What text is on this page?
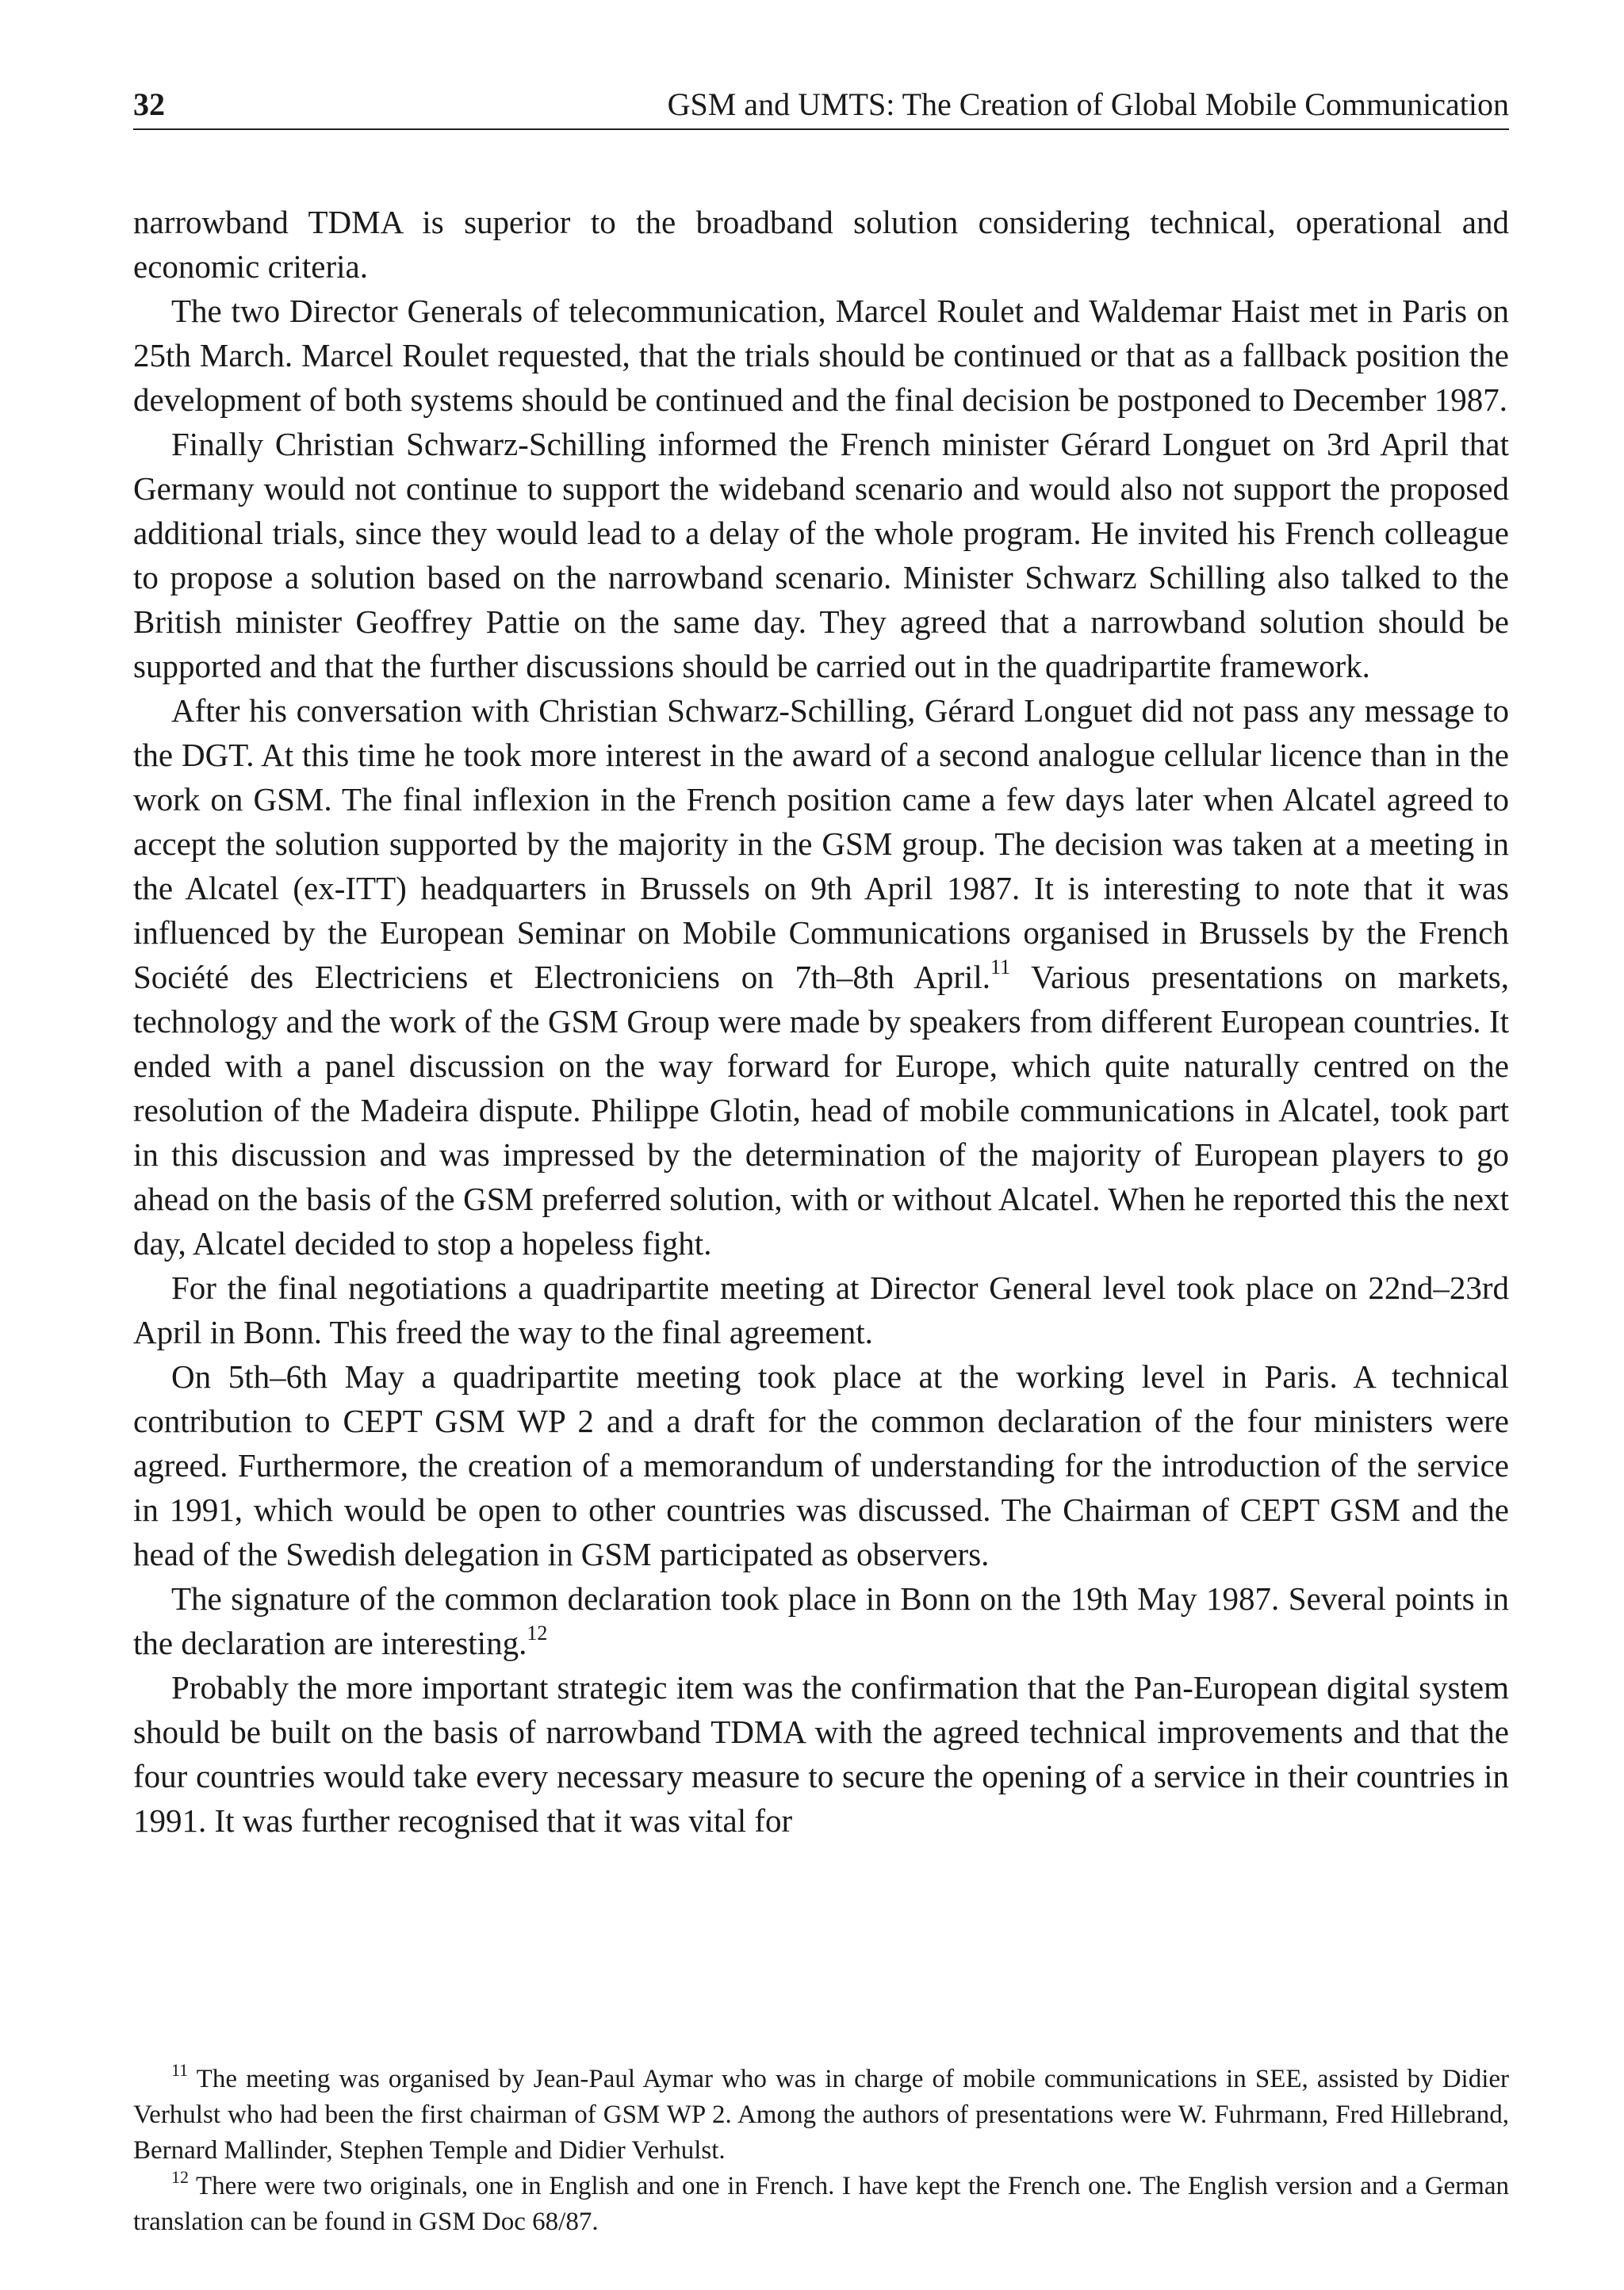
32	GSM and UMTS: The Creation of Global Mobile Communication

narrowband TDMA is superior to the broadband solution considering technical, operational and economic criteria.

The two Director Generals of telecommunication, Marcel Roulet and Waldemar Haist met in Paris on 25th March. Marcel Roulet requested, that the trials should be continued or that as a fallback position the development of both systems should be continued and the final decision be postponed to December 1987.

Finally Christian Schwarz-Schilling informed the French minister Gérard Longuet on 3rd April that Germany would not continue to support the wideband scenario and would also not support the proposed additional trials, since they would lead to a delay of the whole program. He invited his French colleague to propose a solution based on the narrowband scenario. Minister Schwarz Schilling also talked to the British minister Geoffrey Pattie on the same day. They agreed that a narrowband solution should be supported and that the further discussions should be carried out in the quadripartite framework.

After his conversation with Christian Schwarz-Schilling, Gérard Longuet did not pass any message to the DGT. At this time he took more interest in the award of a second analogue cellular licence than in the work on GSM. The final inflexion in the French position came a few days later when Alcatel agreed to accept the solution supported by the majority in the GSM group. The decision was taken at a meeting in the Alcatel (ex-ITT) headquarters in Brussels on 9th April 1987. It is interesting to note that it was influenced by the European Seminar on Mobile Communications organised in Brussels by the French Société des Electriciens et Electroniciens on 7th–8th April.$^{11}$ Various presentations on markets, technology and the work of the GSM Group were made by speakers from different European countries. It ended with a panel discussion on the way forward for Europe, which quite naturally centred on the resolution of the Madeira dispute. Philippe Glotin, head of mobile communications in Alcatel, took part in this discussion and was impressed by the determination of the majority of European players to go ahead on the basis of the GSM preferred solution, with or without Alcatel. When he reported this the next day, Alcatel decided to stop a hopeless fight.

For the final negotiations a quadripartite meeting at Director General level took place on 22nd–23rd April in Bonn. This freed the way to the final agreement.

On 5th–6th May a quadripartite meeting took place at the working level in Paris. A technical contribution to CEPT GSM WP 2 and a draft for the common declaration of the four ministers were agreed. Furthermore, the creation of a memorandum of understanding for the introduction of the service in 1991, which would be open to other countries was discussed. The Chairman of CEPT GSM and the head of the Swedish delegation in GSM participated as observers.

The signature of the common declaration took place in Bonn on the 19th May 1987. Several points in the declaration are interesting.$^{12}$

Probably the more important strategic item was the confirmation that the Pan-European digital system should be built on the basis of narrowband TDMA with the agreed technical improvements and that the four countries would take every necessary measure to secure the opening of a service in their countries in 1991. It was further recognised that it was vital for

$^{11}$ The meeting was organised by Jean-Paul Aymar who was in charge of mobile communications in SEE, assisted by Didier Verhulst who had been the first chairman of GSM WP 2. Among the authors of presentations were W. Fuhrmann, Fred Hillebrand, Bernard Mallinder, Stephen Temple and Didier Verhulst.

$^{12}$ There were two originals, one in English and one in French. I have kept the French one. The English version and a German translation can be found in GSM Doc 68/87.
